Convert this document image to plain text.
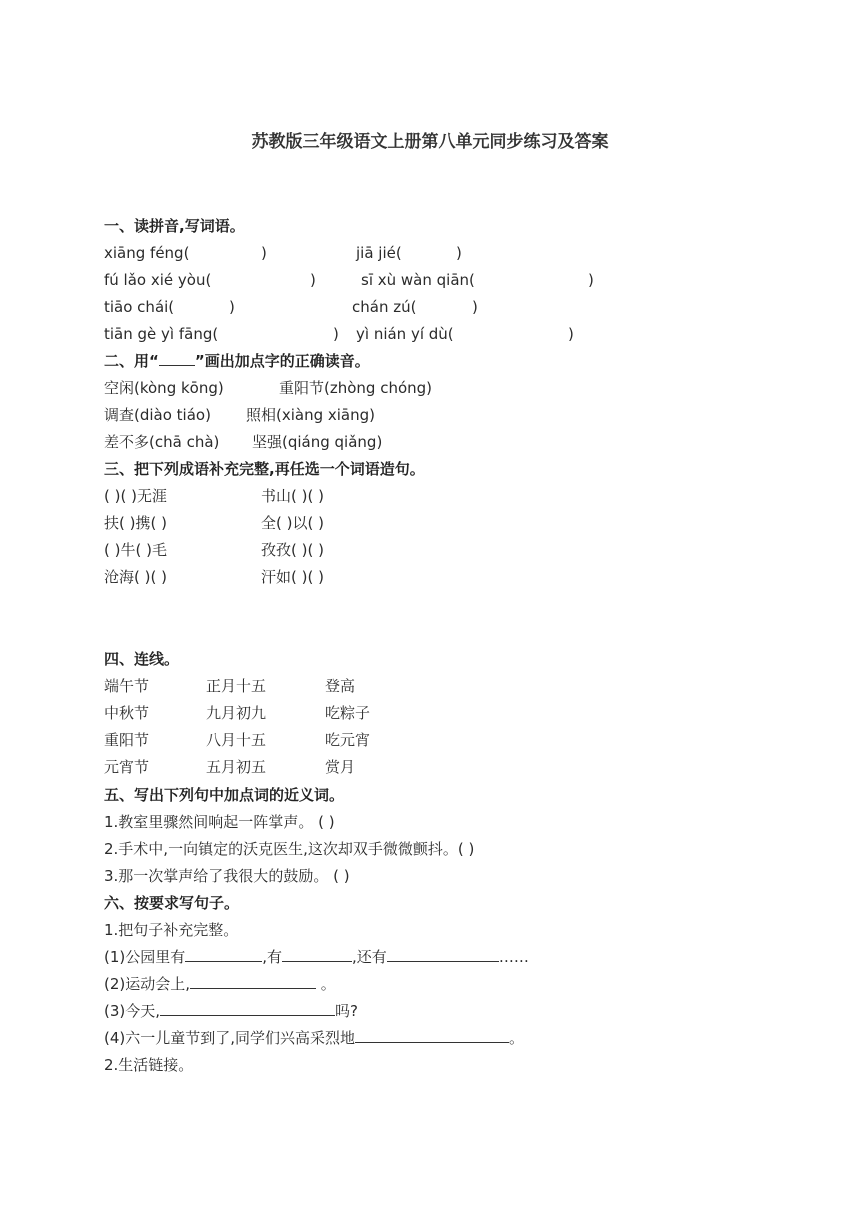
苏教版三年级语文上册第八单元同步练习及答案
一、读拼音,写词语。
xiāng féng(	)	jiā jié(	)
fú lǎo xié yòu(	)	sī xù wàn qiān(	)
tiāo chái(	)	chán zú(	)
tiān gè yì fāng(	) yì nián yí dù(	)
二、用“ ”画出加点字的正确读音。
空闲(kòng kōng)	重阳节(zhòng chóng)
调查(diào tiáo) 照相(xiàng xiāng)
差不多(chā chà) 坚强(qiáng qiǎng)
三、把下列成语补充完整,再任选一个词语造句。
( )( )无涯	书山( )( )
扶( )携( )	全( )以( )
( )牛( )毛	孜孜( )( )
沧海( )( )	汗如( )( )
四、连线。
端午节	正月十五	登高
中秋节	九月初九	吃粽子
重阳节	八月十五	吃元宵
元宵节	五月初五	赏月
五、写出下列句中加点词的近义词。
1.教室里骤然间响起一阵掌声。 ( )
2.手术中,一向镇定的沃克医生,这次却双手微微颤抖。( )
3.那一次掌声给了我很大的鼓励。 ( )
六、按要求写句子。
1.把句子补充完整。
(1)公园里有	,有	,还有	……
(2)运动会上,	。
(3)今天,	吗?
(4)六一儿童节到了,同学们兴高采烈地	。
2.生活链接。
